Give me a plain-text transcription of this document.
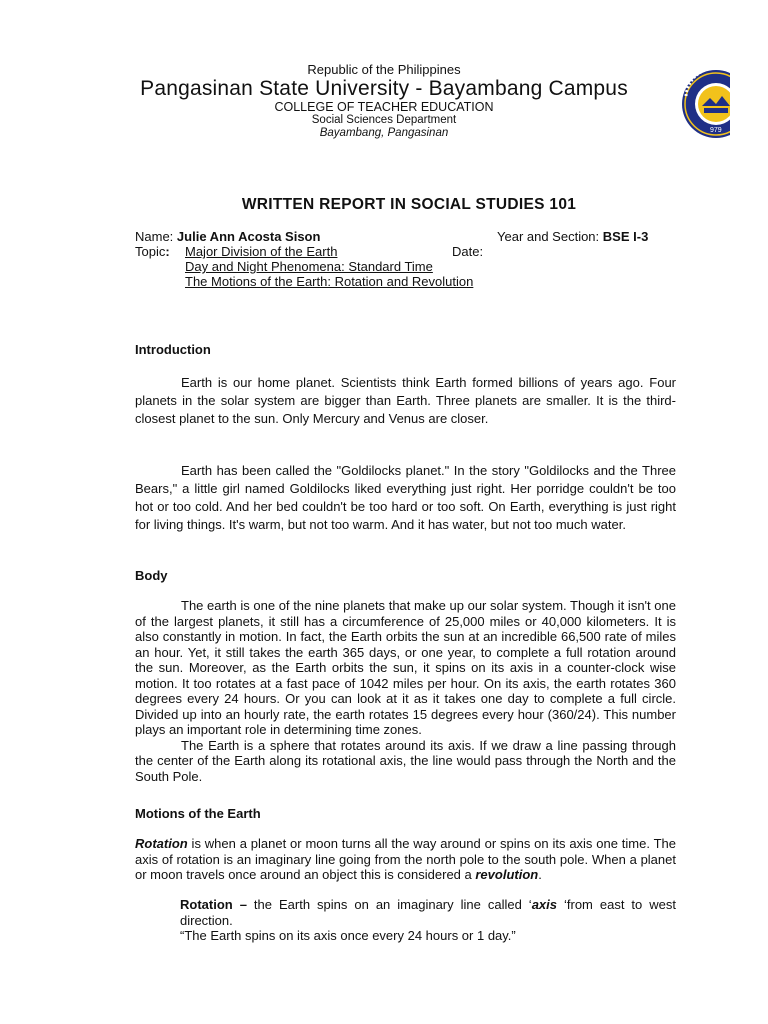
Republic of the Philippines
Pangasinan State University - Bayambang Campus
COLLEGE OF TEACHER EDUCATION
Social Sciences Department
Bayambang, Pangasinan	979
WRITTEN REPORT IN SOCIAL STUDIES 101
Name: Julie Ann Acosta Sison	Year and Section: BSE I-3
Topic: Major Division of the Earth	Date:
Day and Night Phenomena: Standard Time
The Motions of the Earth: Rotation and Revolution
Introduction

Earth is our home planet. Scientists think Earth formed billions of years ago. Four planets in the solar system are bigger than Earth. Three planets are smaller. It is the third-closest planet to the sun. Only Mercury and Venus are closer.

Earth has been called the "Goldilocks planet." In the story "Goldilocks and the Three Bears," a little girl named Goldilocks liked everything just right. Her porridge couldn't be too hot or too cold. And her bed couldn't be too hard or too soft. On Earth, everything is just right for living things. It's warm, but not too warm. And it has water, but not too much water.

Body

The earth is one of the nine planets that make up our solar system. Though it isn't one of the largest planets, it still has a circumference of 25,000 miles or 40,000 kilometers. It is also constantly in motion. In fact, the Earth orbits the sun at an incredible 66,500 rate of miles an hour. Yet, it still takes the earth 365 days, or one year, to complete a full rotation around the sun. Moreover, as the Earth orbits the sun, it spins on its axis in a counter-clock wise motion. It too rotates at a fast pace of 1042 miles per hour. On its axis, the earth rotates 360 degrees every 24 hours. Or you can look at it as it takes one day to complete a full circle. Divided up into an hourly rate, the earth rotates 15 degrees every hour (360/24). This number plays an important role in determining time zones.

The Earth is a sphere that rotates around its axis. If we draw a line passing through the center of the Earth along its rotational axis, the line would pass through the North and the South Pole.

Motions of the Earth

Rotation is when a planet or moon turns all the way around or spins on its axis one time. The axis of rotation is an imaginary line going from the north pole to the south pole. When a planet or moon travels once around an object this is considered a revolution.

Rotation – the Earth spins on an imaginary line called ‘axis ‘from east to west direction.
“The Earth spins on its axis once every 24 hours or 1 day.”
